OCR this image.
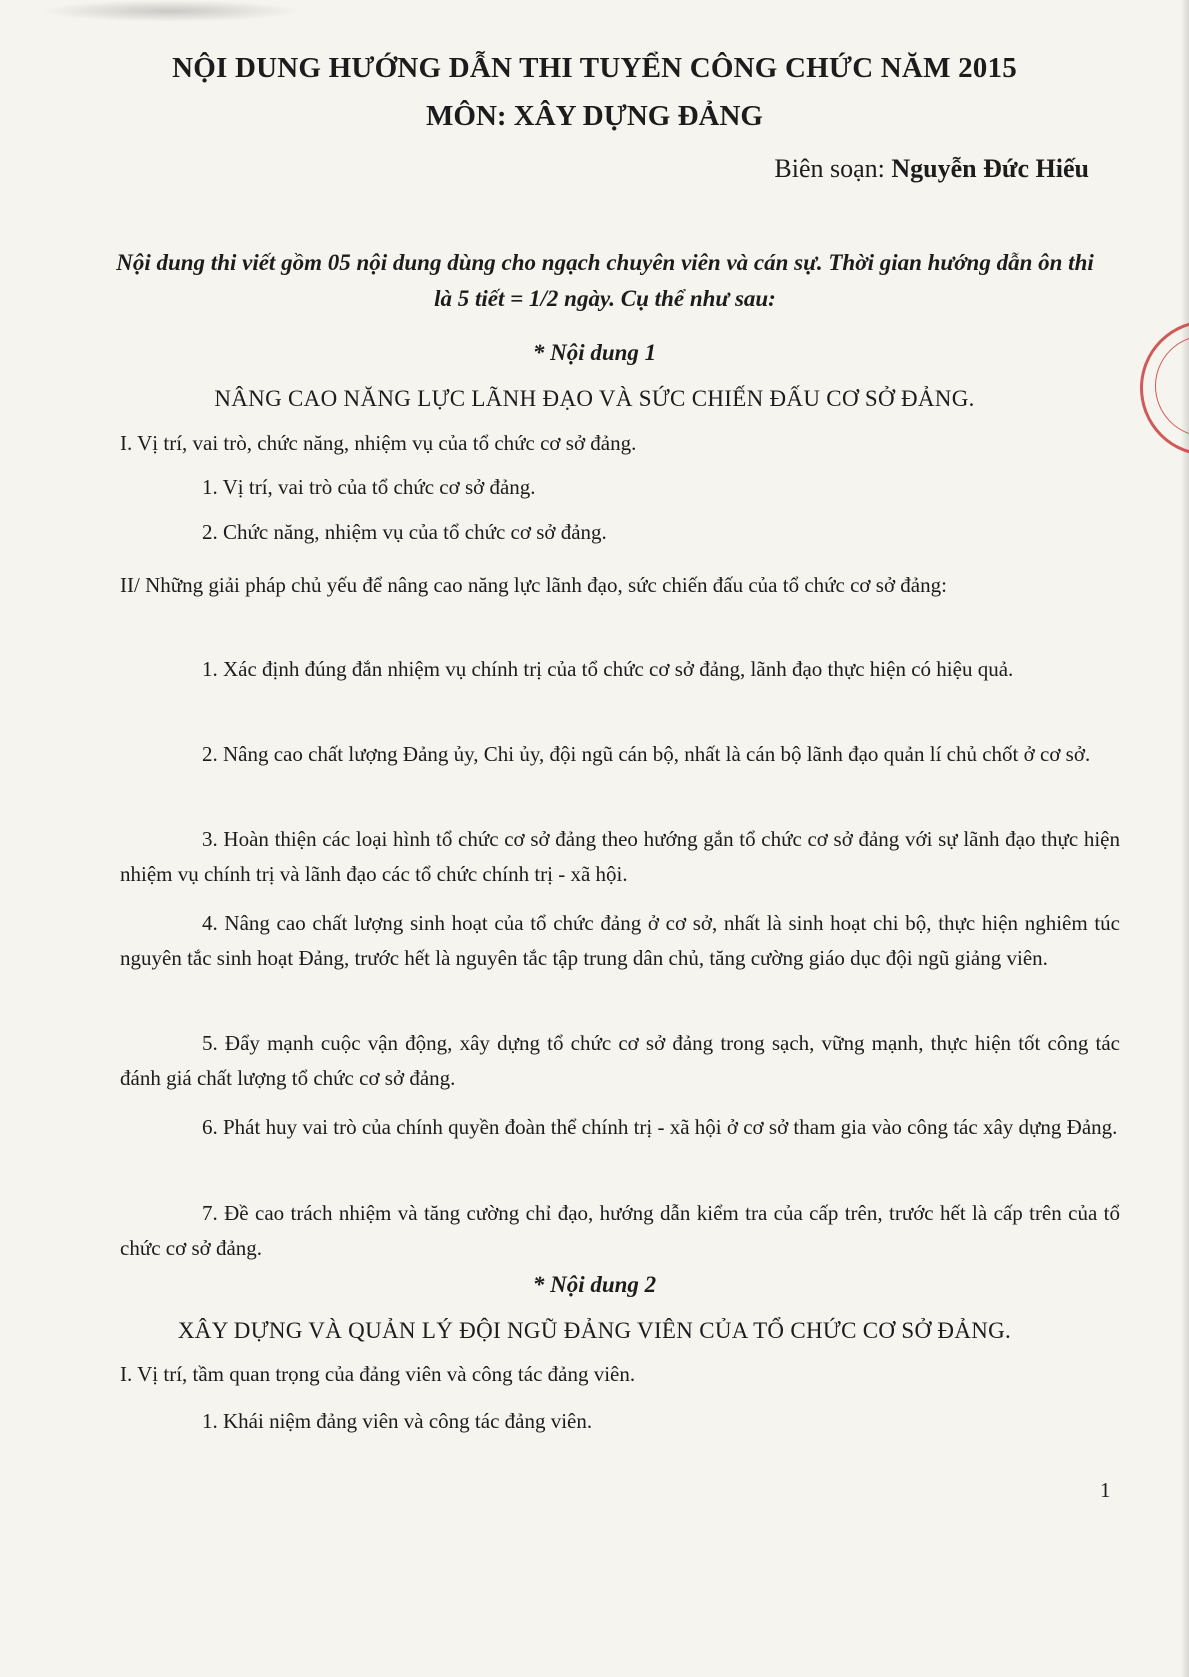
NỘI DUNG HƯỚNG DẪN THI TUYỂN CÔNG CHỨC NĂM 2015
MÔN: XÂY DỰNG ĐẢNG
Biên soạn: Nguyễn Đức Hiếu
Nội dung thi viết gồm 05 nội dung dùng cho ngạch chuyên viên và cán sự. Thời gian hướng dẫn ôn thi là 5 tiết = 1/2 ngày. Cụ thể như sau:
* Nội dung 1
NÂNG CAO NĂNG LỰC LÃNH ĐẠO VÀ SỨC CHIẾN ĐẤU CƠ SỞ ĐẢNG.
I. Vị trí, vai trò, chức năng, nhiệm vụ của tổ chức cơ sở đảng.
1. Vị trí, vai trò của tổ chức cơ sở đảng.
2. Chức năng, nhiệm vụ của tổ chức cơ sở đảng.
II/ Những giải pháp chủ yếu để nâng cao năng lực lãnh đạo, sức chiến đấu của tổ chức cơ sở đảng:
1. Xác định đúng đắn nhiệm vụ chính trị của tổ chức cơ sở đảng, lãnh đạo thực hiện có hiệu quả.
2. Nâng cao chất lượng Đảng ủy, Chi ủy, đội ngũ cán bộ, nhất là cán bộ lãnh đạo quản lí chủ chốt ở cơ sở.
3. Hoàn thiện các loại hình tổ chức cơ sở đảng theo hướng gắn tổ chức cơ sở đảng với sự lãnh đạo thực hiện nhiệm vụ chính trị và lãnh đạo các tổ chức chính trị - xã hội.
4. Nâng cao chất lượng sinh hoạt của tổ chức đảng ở cơ sở, nhất là sinh hoạt chi bộ, thực hiện nghiêm túc nguyên tắc sinh hoạt Đảng, trước hết là nguyên tắc tập trung dân chủ, tăng cường giáo dục đội ngũ giảng viên.
5. Đẩy mạnh cuộc vận động, xây dựng tổ chức cơ sở đảng trong sạch, vững mạnh, thực hiện tốt công tác đánh giá chất lượng tổ chức cơ sở đảng.
6. Phát huy vai trò của chính quyền đoàn thể chính trị - xã hội ở cơ sở tham gia vào công tác xây dựng Đảng.
7. Đề cao trách nhiệm và tăng cường chỉ đạo, hướng dẫn kiểm tra của cấp trên, trước hết là cấp trên của tổ chức cơ sở đảng.
* Nội dung 2
XÂY DỰNG VÀ QUẢN LÝ ĐỘI NGŨ ĐẢNG VIÊN CỦA TỔ CHỨC CƠ SỞ ĐẢNG.
I. Vị trí, tầm quan trọng của đảng viên và công tác đảng viên.
1. Khái niệm đảng viên và công tác đảng viên.
1
